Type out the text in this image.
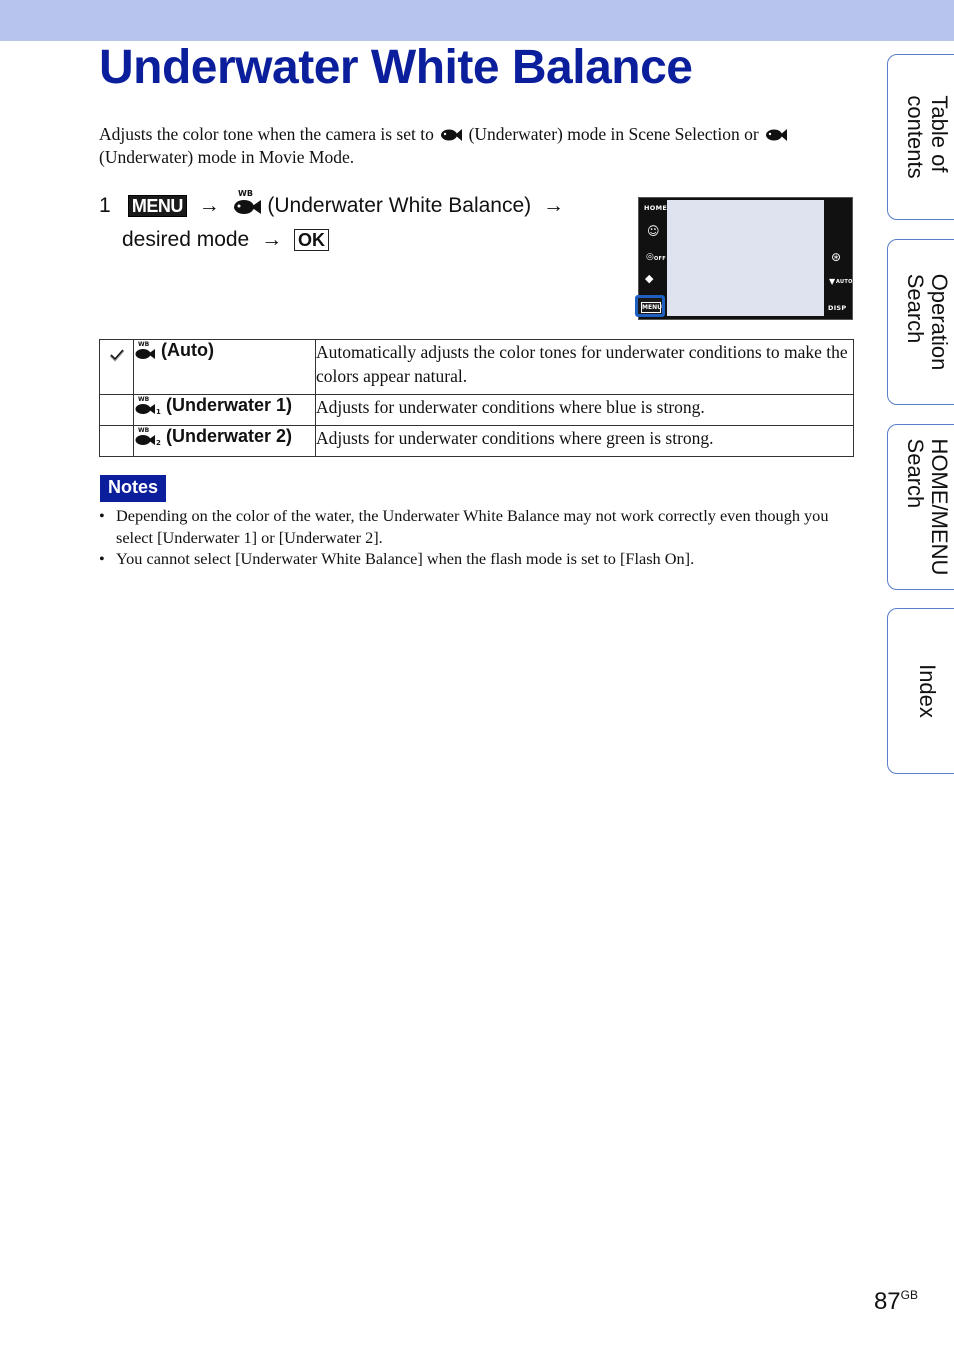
Underwater White Balance
Adjusts the color tone when the camera is set to (Underwater) mode in Scene Selection or  (Underwater) mode in Movie Mode.
1 MENU →
WB
(Underwater White Balance) →
desired mode → OK
HOME
☺
◎ OFF
◆
MENU
⊛
▼ AUTO
DISP

WB (Auto)	Automatically adjusts the color tones for underwater conditions to make the colors appear natural.

WB
1 (Underwater 1)	Adjusts for underwater conditions where blue is strong.

WB
2 (Underwater 2)	Adjusts for underwater conditions where green is strong.
Notes
• Depending on the color of the water, the Underwater White Balance may not work correctly even though you select [Underwater 1] or [Underwater 2].
• You cannot select [Underwater White Balance] when the flash mode is set to [Flash On].
Table of
contents
Operation
Search
HOME/MENU
Search
Index
$87^{GB}$
